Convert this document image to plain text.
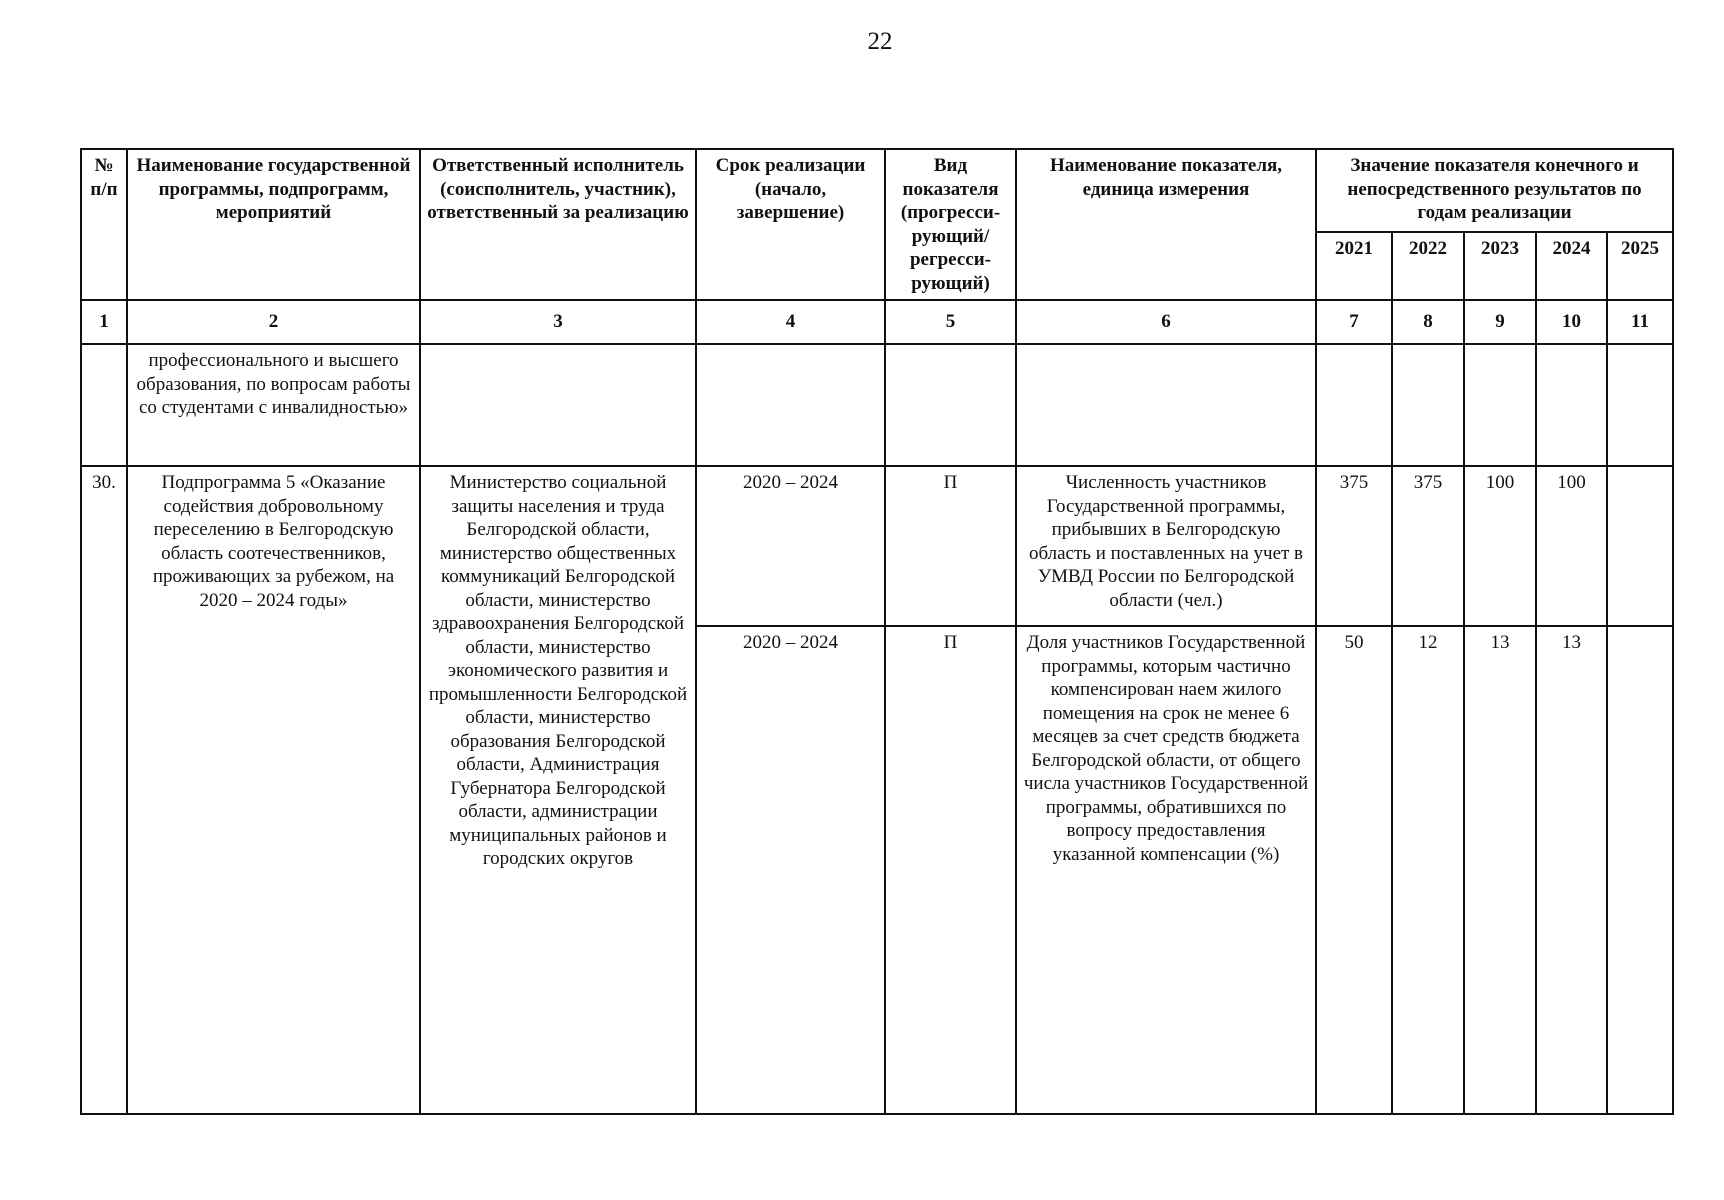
22
№ п/п	Наименование государственной программы, подпрограмм, мероприятий	Ответственный исполнитель (соисполнитель, участник), ответственный за реализацию	Срок реализации (начало, завершение)	Вид показателя (прогресси-рующий/ регресси-рующий)	Наименование показателя, единица измерения	Значение показателя конечного и непосредственного результатов по годам реализации				
						2021	2022	2023	2024	2025
1	2	3	4	5	6	7	8	9	10	11
	профессионального и высшего образования, по вопросам работы со студентами с инвалидностью»									
30.	Подпрограмма 5 «Оказание содействия добровольному переселению в Белгородскую область соотечественников, проживающих за рубежом, на 2020 – 2024 годы»	Министерство социальной защиты населения и труда Белгородской области, министерство общественных коммуникаций Белгородской области, министерство здравоохранения Белгородской области, министерство экономического развития и промышленности Белгородской области, министерство образования Белгородской области, Администрация Губернатора Белгородской области, администрации муниципальных районов и городских округов	2020 – 2024	П	Численность участников Государственной программы, прибывших в Белгородскую область и поставленных на учет в УМВД России по Белгородской области (чел.)	375	375	100	100	
			2020 – 2024	П	Доля участников Государственной программы, которым частично компенсирован наем жилого помещения на срок не менее 6 месяцев за счет средств бюджета Белгородской области, от общего числа участников Государственной программы, обратившихся по вопросу предоставления указанной компенсации (%)	50	12	13	13	
